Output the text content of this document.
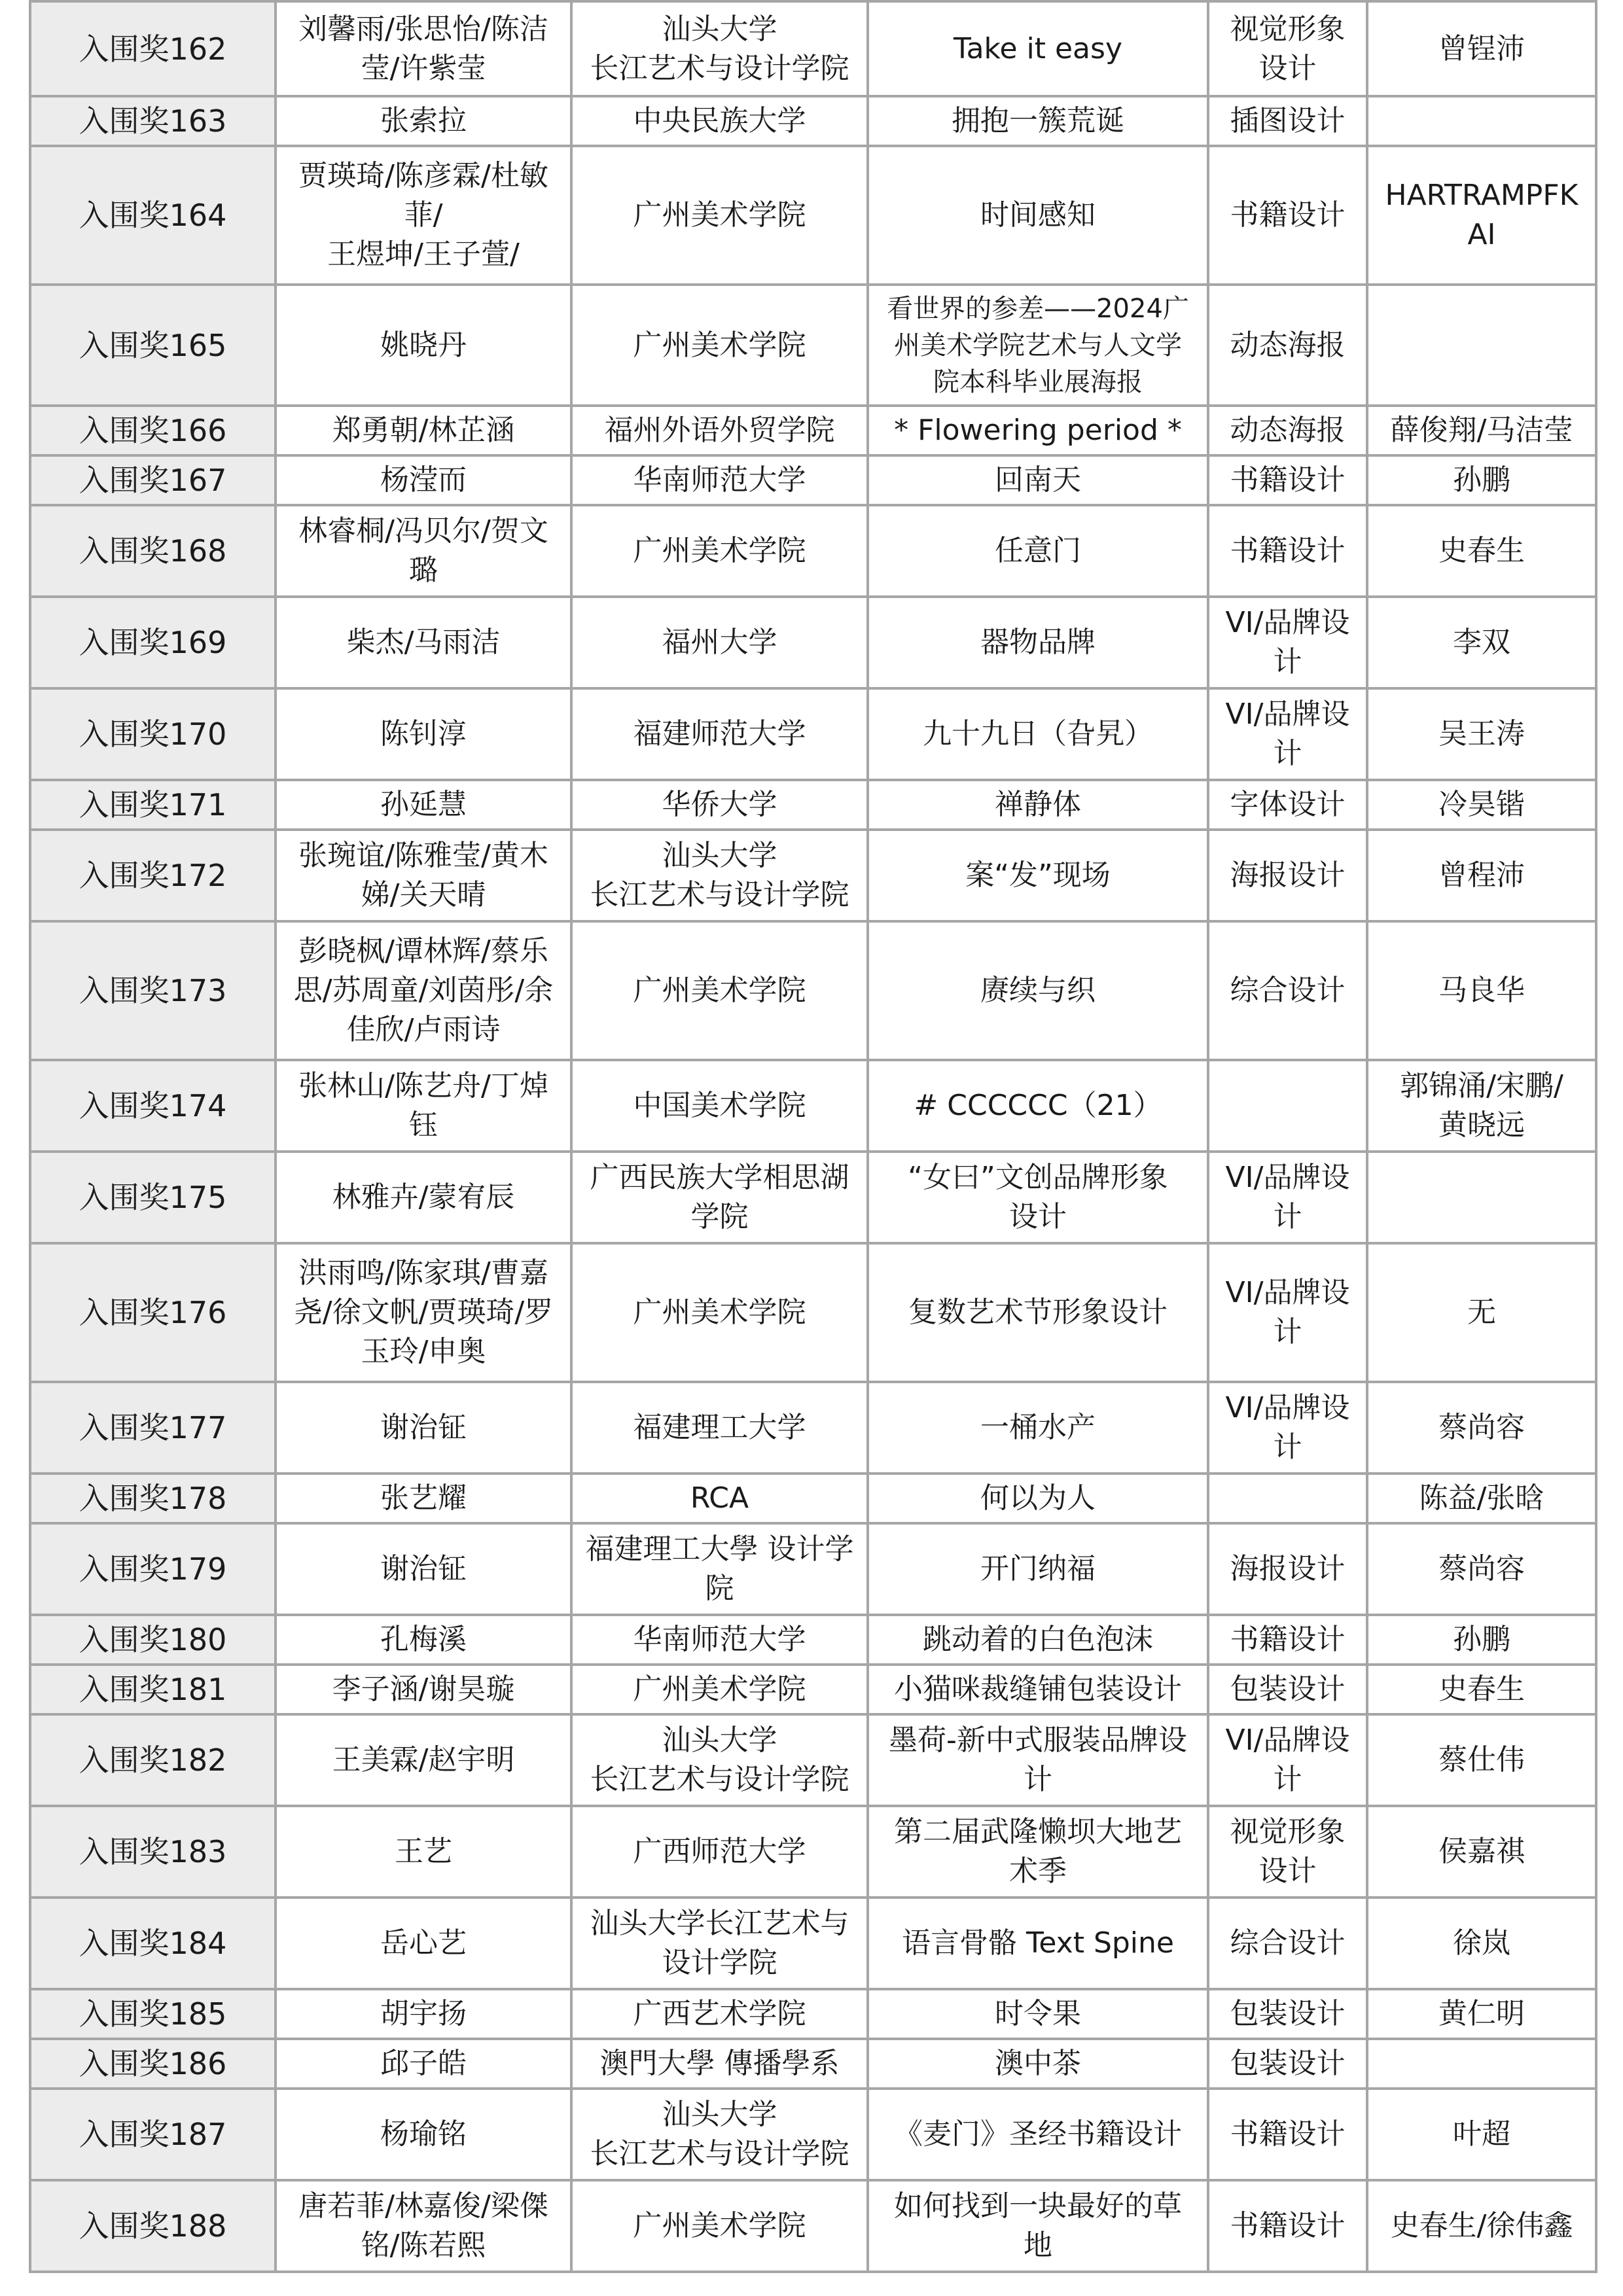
入围奖162	刘馨雨/张思怡/陈洁
莹/许紫莹	汕头大学
长江艺术与设计学院	Take it easy	视觉形象
设计	曾锃沛
入围奖163	张索拉	中央民族大学	拥抱一簇荒诞	插图设计	
入围奖164	贾瑛琦/陈彦霖/杜敏
菲/
王煜坤/王子萱/	广州美术学院	时间感知	书籍设计	HARTRAMPFK
AI
入围奖165	姚晓丹	广州美术学院	看世界的参差——2024广
州美术学院艺术与人文学
院本科毕业展海报	动态海报	
入围奖166	郑勇朝/林芷涵	福州外语外贸学院	* Flowering period *	动态海报	薛俊翔/马洁莹
入围奖167	杨滢而	华南师范大学	回南天	书籍设计	孙鹏
入围奖168	林睿桐/冯贝尔/贺文
璐	广州美术学院	任意门	书籍设计	史春生
入围奖169	柴杰/马雨洁	福州大学	器物品牌	VI/品牌设
计	李双
入围奖170	陈钊淳	福建师范大学	九十九日（旮旯）	VI/品牌设
计	吴王涛
入围奖171	孙延慧	华侨大学	禅静体	字体设计	冷昊锴
入围奖172	张琬谊/陈雅莹/黄木
娣/关天晴	汕头大学
长江艺术与设计学院	案“发”现场	海报设计	曾程沛
入围奖173	彭晓枫/谭林辉/蔡乐
思/苏周童/刘茵彤/余
佳欣/卢雨诗	广州美术学院	赓续与织	综合设计	马良华
入围奖174	张林山/陈艺舟/丁焯
钰	中国美术学院	# CCCCCC（21）		郭锦涌/宋鹏/
黄晓远
入围奖175	林雅卉/蒙宥辰	广西民族大学相思湖
学院	“女曰”文创品牌形象
设计	VI/品牌设
计	
入围奖176	洪雨鸣/陈家琪/曹嘉
尧/徐文帆/贾瑛琦/罗
玉玲/申奥	广州美术学院	复数艺术节形象设计	VI/品牌设
计	无
入围奖177	谢治钲	福建理工大学	一桶水产	VI/品牌设
计	蔡尚容
入围奖178	张艺耀	RCA	何以为人		陈益/张晗
入围奖179	谢治钲	福建理工大學 设计学
院	开门纳福	海报设计	蔡尚容
入围奖180	孔梅溪	华南师范大学	跳动着的白色泡沫	书籍设计	孙鹏
入围奖181	李子涵/谢昊璇	广州美术学院	小猫咪裁缝铺包装设计	包装设计	史春生
入围奖182	王美霖/赵宇明	汕头大学
长江艺术与设计学院	墨荷-新中式服装品牌设
计	VI/品牌设
计	蔡仕伟
入围奖183	王艺	广西师范大学	第二届武隆懒坝大地艺
术季	视觉形象
设计	侯嘉祺
入围奖184	岳心艺	汕头大学长江艺术与
设计学院	语言骨骼 Text Spine	综合设计	徐岚
入围奖185	胡宇扬	广西艺术学院	时令果	包装设计	黄仁明
入围奖186	邱子皓	澳門大學 傳播學系	澳中茶	包装设计	
入围奖187	杨瑜铭	汕头大学
长江艺术与设计学院	《麦门》圣经书籍设计	书籍设计	叶超
入围奖188	唐若菲/林嘉俊/梁傑
铭/陈若熙	广州美术学院	如何找到一块最好的草
地	书籍设计	史春生/徐伟鑫
